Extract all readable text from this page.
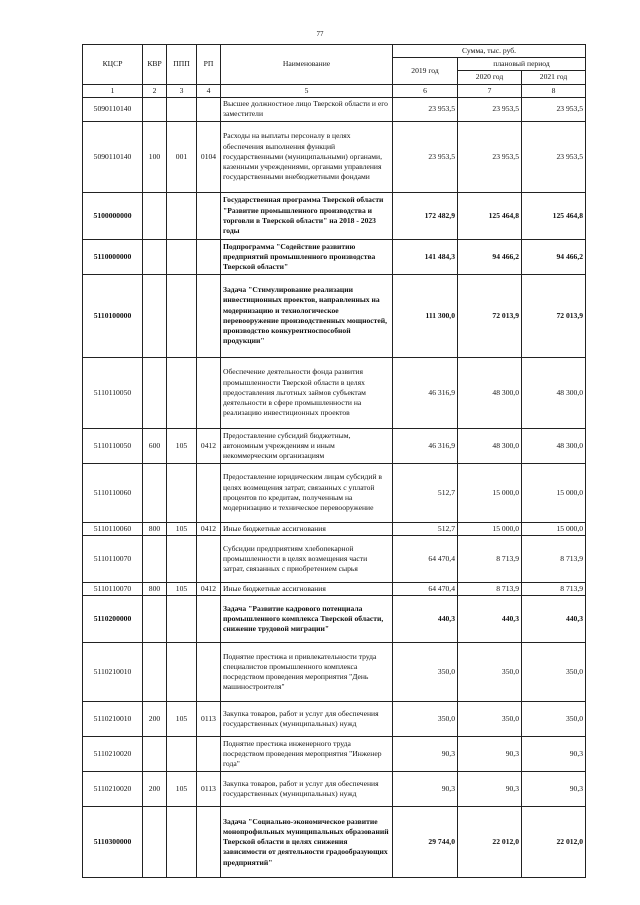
77
КЦСР	КВР	ППП	РП	Наименование	Сумма, тыс. руб.		
					2019 год	плановый период	
						2020 год	2021 год
1	2	3	4	5	6	7	8
5090110140				Высшее должностное лицо Тверской области и его заместители	23 953,5	23 953,5	23 953,5
5090110140	100	001	0104	Расходы на выплаты персоналу в целях обеспечения выполнения функций государственными (муниципальными) органами, казенными учреждениями, органами управления государственными внебюджетными фондами	23 953,5	23 953,5	23 953,5
5100000000				Государственная программа Тверской области "Развитие промышленного производства и торговли в Тверской области" на 2018 - 2023 годы	172 482,9	125 464,8	125 464,8
5110000000				Подпрограмма "Содействие развитию предприятий промышленного производства Тверской области"	141 484,3	94 466,2	94 466,2
5110100000				Задача "Стимулирование реализации инвестиционных проектов, направленных на модернизацию и технологическое перевооружение производственных мощностей, производство конкурентноспособной продукции"	111 300,0	72 013,9	72 013,9
5110110050				Обеспечение деятельности фонда развития промышленности Тверской области в целях предоставления льготных займов субъектам деятельности в сфере промышленности на реализацию инвестиционных проектов	46 316,9	48 300,0	48 300,0
5110110050	600	105	0412	Предоставление субсидий бюджетным, автономным учреждениям и иным некоммерческим организациям	46 316,9	48 300,0	48 300,0
5110110060				Предоставление юридическим лицам субсидий в целях возмещения затрат, связанных с уплатой процентов по кредитам, полученным на модернизацию и техническое перевооружение	512,7	15 000,0	15 000,0
5110110060	800	105	0412	Иные бюджетные ассигнования	512,7	15 000,0	15 000,0
5110110070				Субсидии предприятиям хлебопекарной промышленности в целях возмещения части затрат, связанных с приобретением сырья	64 470,4	8 713,9	8 713,9
5110110070	800	105	0412	Иные бюджетные ассигнования	64 470,4	8 713,9	8 713,9
5110200000				Задача "Развитие кадрового потенциала промышленного комплекса Тверской области, снижение трудовой миграции"	440,3	440,3	440,3
5110210010				Поднятие престижа и привлекательности труда специалистов промышленного комплекса посредством проведения мероприятия "День машиностроителя"	350,0	350,0	350,0
5110210010	200	105	0113	Закупка товаров, работ и услуг для обеспечения государственных (муниципальных) нужд	350,0	350,0	350,0
5110210020				Поднятие престижа инженерного труда посредством проведения мероприятия "Инженер года"	90,3	90,3	90,3
5110210020	200	105	0113	Закупка товаров, работ и услуг для обеспечения государственных (муниципальных) нужд	90,3	90,3	90,3
5110300000				Задача "Социально-экономическое развитие монопрофильных муниципальных образований Тверской области в целях снижения зависимости от деятельности градообразующих предприятий"	29 744,0	22 012,0	22 012,0
